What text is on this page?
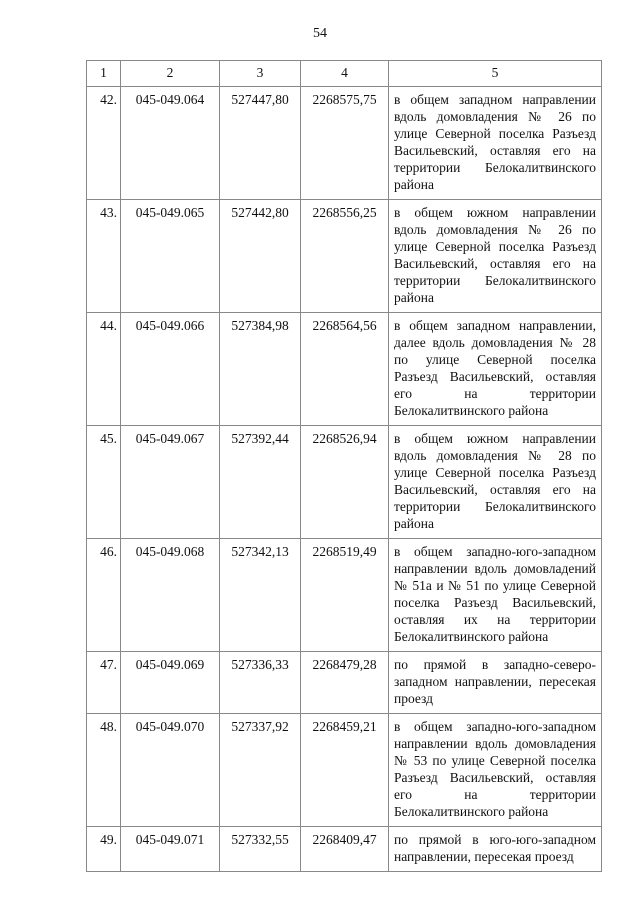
54
1	2	3	4	5
42.	045-049.064	527447,80	2268575,75	в общем западном направлении вдоль домовладения № 26 по улице Северной поселка Разъезд Васильевский, оставляя его на территории Белокалитвинского района
43.	045-049.065	527442,80	2268556,25	в общем южном направлении вдоль домовладения № 26 по улице Северной поселка Разъезд Васильевский, оставляя его на территории Белокалитвинского района
44.	045-049.066	527384,98	2268564,56	в общем западном направлении, далее вдоль домовладения № 28 по улице Северной поселка Разъезд Васильевский, оставляя его на территории Белокалитвинского района
45.	045-049.067	527392,44	2268526,94	в общем южном направлении вдоль домовладения № 28 по улице Северной поселка Разъезд Васильевский, оставляя его на территории Белокалитвинского района
46.	045-049.068	527342,13	2268519,49	в общем западно-юго-западном направлении вдоль домовладений № 51а и № 51 по улице Северной поселка Разъезд Васильевский, оставляя их на территории Белокалитвинского района
47.	045-049.069	527336,33	2268479,28	по прямой в западно-северо-западном направлении, пересекая проезд
48.	045-049.070	527337,92	2268459,21	в общем западно-юго-западном направлении вдоль домовладения № 53 по улице Северной поселка Разъезд Васильевский, оставляя его на территории Белокалитвинского района
49.	045-049.071	527332,55	2268409,47	по прямой в юго-юго-западном направлении, пересекая проезд
